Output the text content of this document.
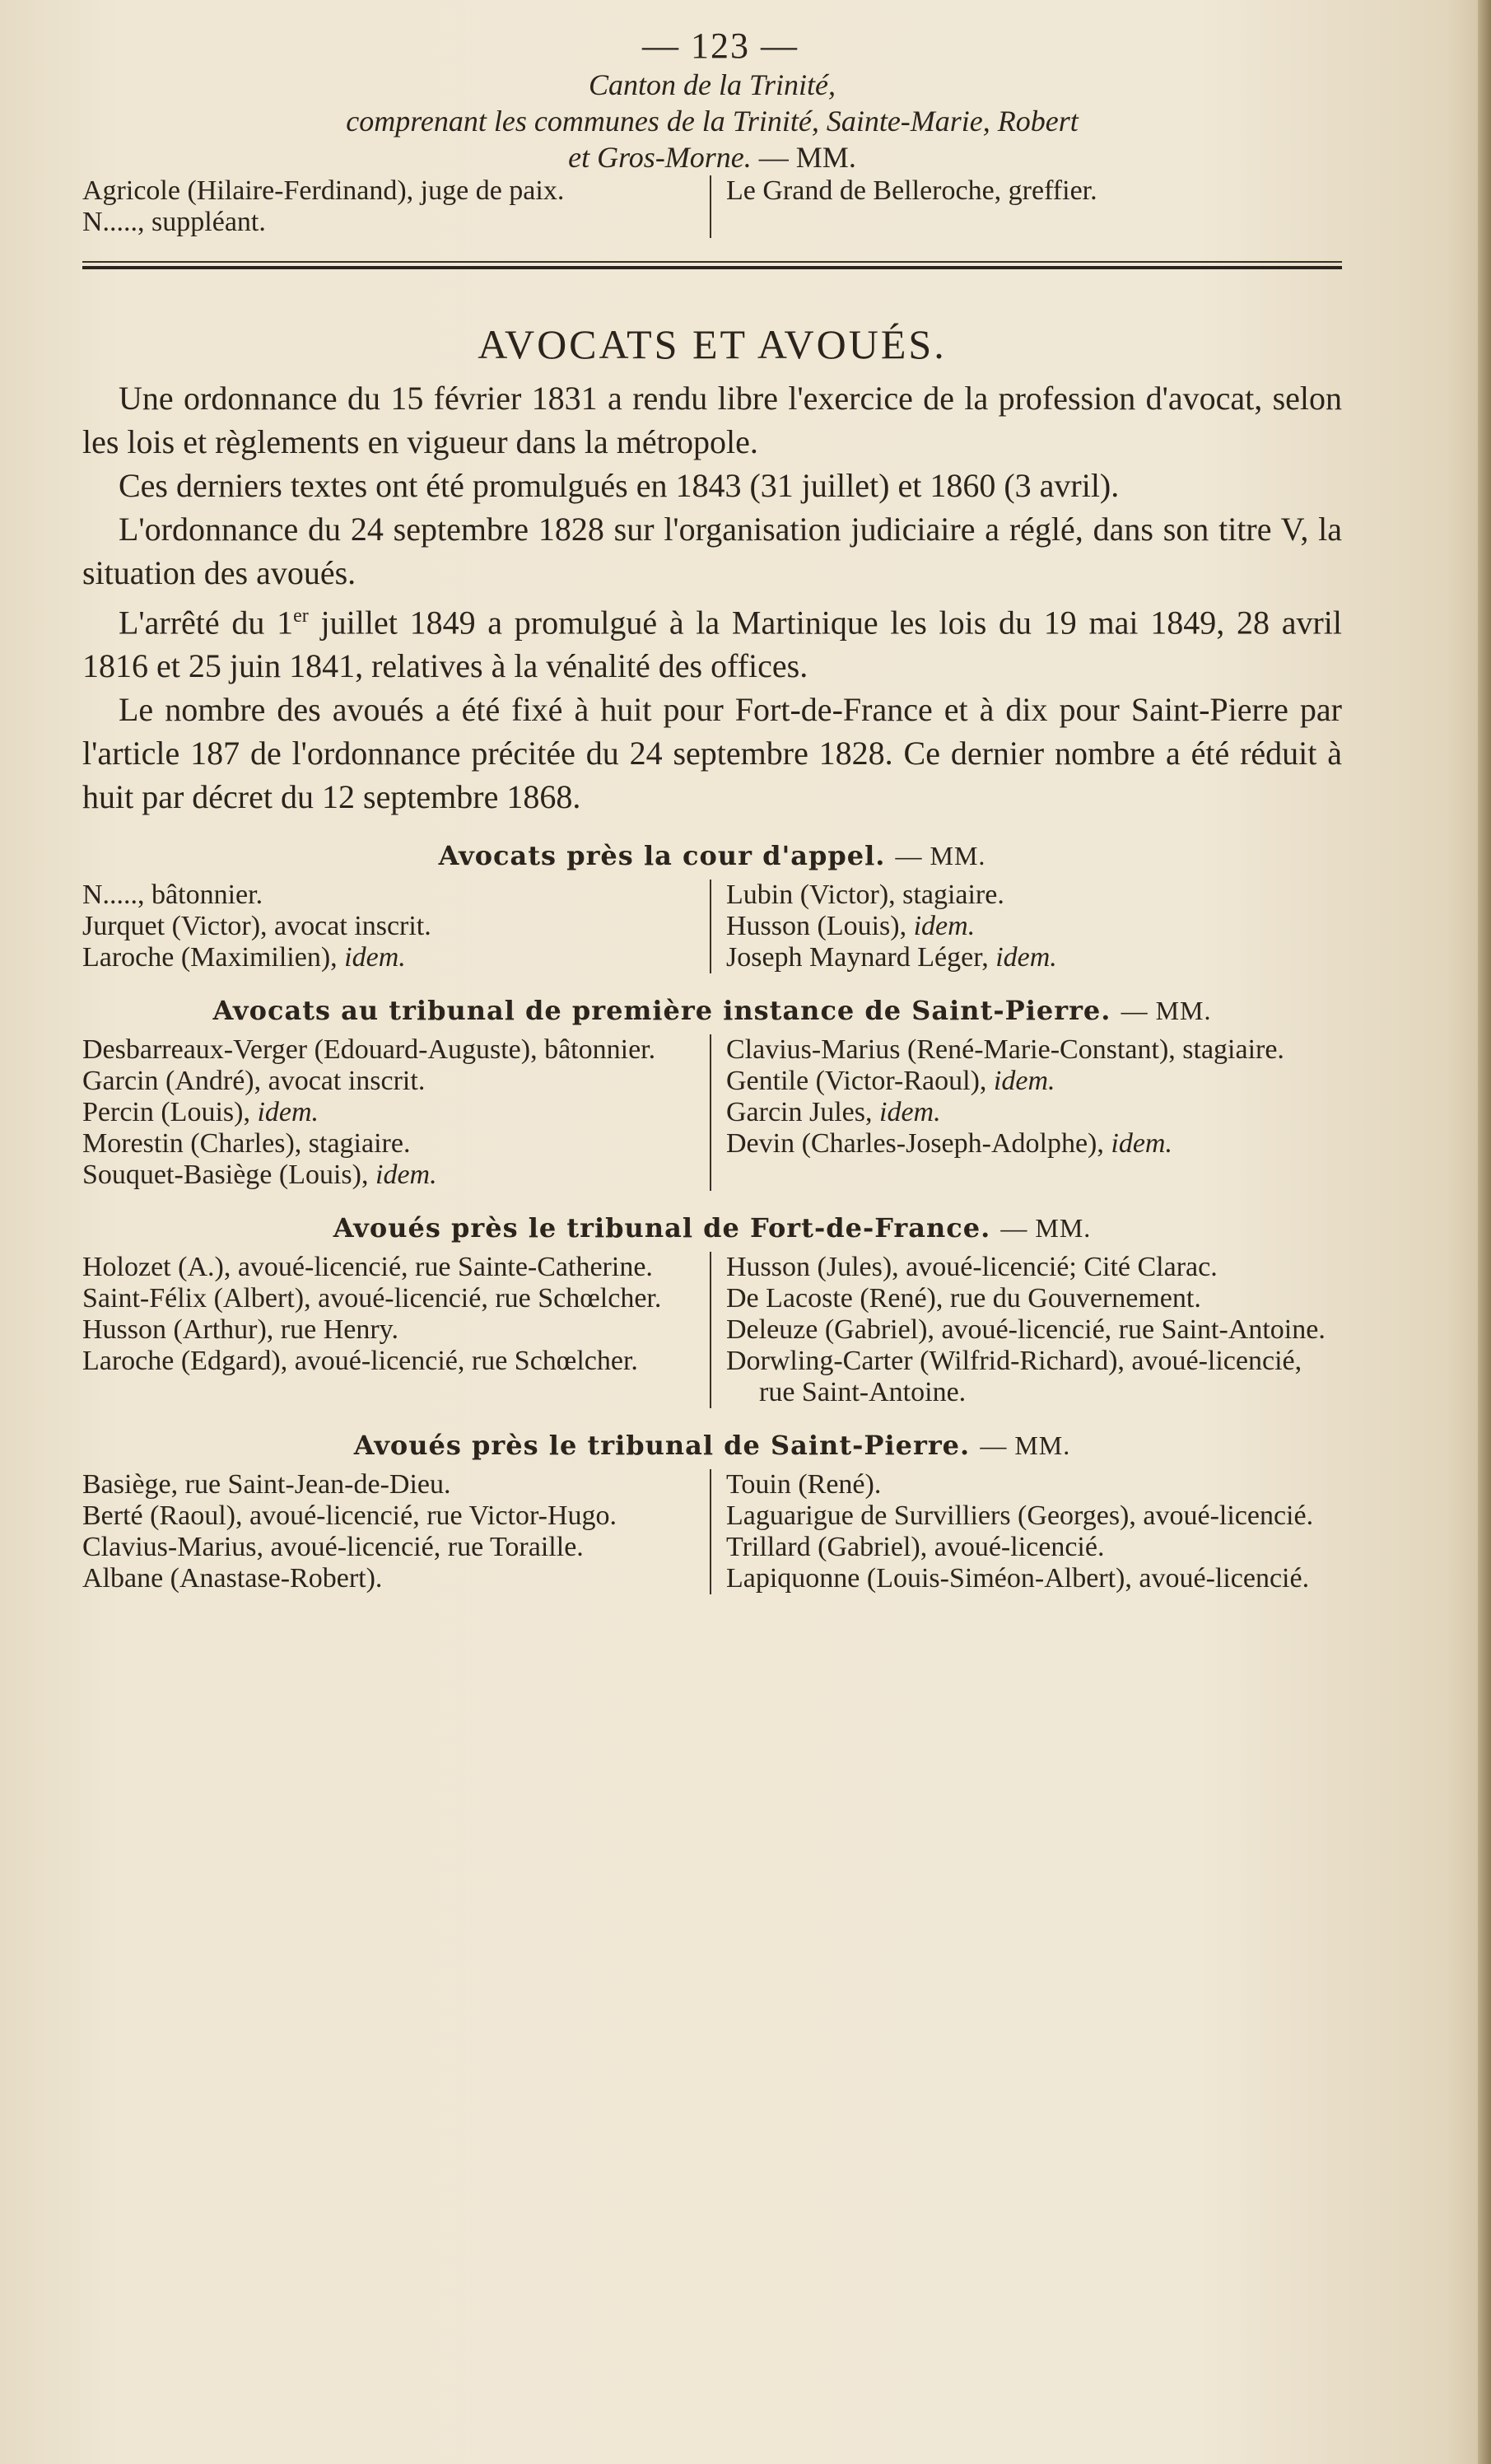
— 123 —
Canton de la Trinité,
comprenant les communes de la Trinité, Sainte-Marie, Robert
et Gros-Morne. — MM.
Agricole (Hilaire-Ferdinand), juge de paix.
N....., suppléant.
Le Grand de Belleroche, greffier.
AVOCATS ET AVOUÉS.

Une ordonnance du 15 février 1831 a rendu libre l'exercice de la profession d'avocat, selon les lois et règlements en vigueur dans la métropole.

Ces derniers textes ont été promulgués en 1843 (31 juillet) et 1860 (3 avril).

L'ordonnance du 24 septembre 1828 sur l'organisation judiciaire a réglé, dans son titre V, la situation des avoués.

L'arrêté du 1er juillet 1849 a promulgué à la Martinique les lois du 19 mai 1849, 28 avril 1816 et 25 juin 1841, relatives à la vénalité des offices.

Le nombre des avoués a été fixé à huit pour Fort-de-France et à dix pour Saint-Pierre par l'article 187 de l'ordonnance précitée du 24 septembre 1828. Ce dernier nombre a été réduit à huit par décret du 12 septembre 1868.

Avocats près la cour d'appel. — MM.
N....., bâtonnier.
Jurquet (Victor), avocat inscrit.
Laroche (Maximilien), idem.
Lubin (Victor), stagiaire.
Husson (Louis), idem.
Joseph Maynard Léger, idem.
Avocats au tribunal de première instance de Saint-Pierre. — MM.
Desbarreaux-Verger (Edouard-Auguste), bâtonnier.
Garcin (André), avocat inscrit.
Percin (Louis), idem.
Morestin (Charles), stagiaire.
Souquet-Basiège (Louis), idem.
Clavius-Marius (René-Marie-Constant), stagiaire.
Gentile (Victor-Raoul), idem.
Garcin Jules, idem.
Devin (Charles-Joseph-Adolphe), idem.
Avoués près le tribunal de Fort-de-France. — MM.
Holozet (A.), avoué-licencié, rue Sainte-Catherine.
Saint-Félix (Albert), avoué-licencié, rue Schœlcher.
Husson (Arthur), rue Henry.
Laroche (Edgard), avoué-licencié, rue Schœlcher.
Husson (Jules), avoué-licencié; Cité Clarac.
De Lacoste (René), rue du Gouvernement.
Deleuze (Gabriel), avoué-licencié, rue Saint-Antoine.
Dorwling-Carter (Wilfrid-Richard), avoué-licencié, rue Saint-Antoine.
Avoués près le tribunal de Saint-Pierre. — MM.
Basiège, rue Saint-Jean-de-Dieu.
Berté (Raoul), avoué-licencié, rue Victor-Hugo.
Clavius-Marius, avoué-licencié, rue Toraille.
Albane (Anastase-Robert).
Touin (René).
Laguarigue de Survilliers (Georges), avoué-licencié.
Trillard (Gabriel), avoué-licencié.
Lapiquonne (Louis-Siméon-Albert), avoué-licencié.
